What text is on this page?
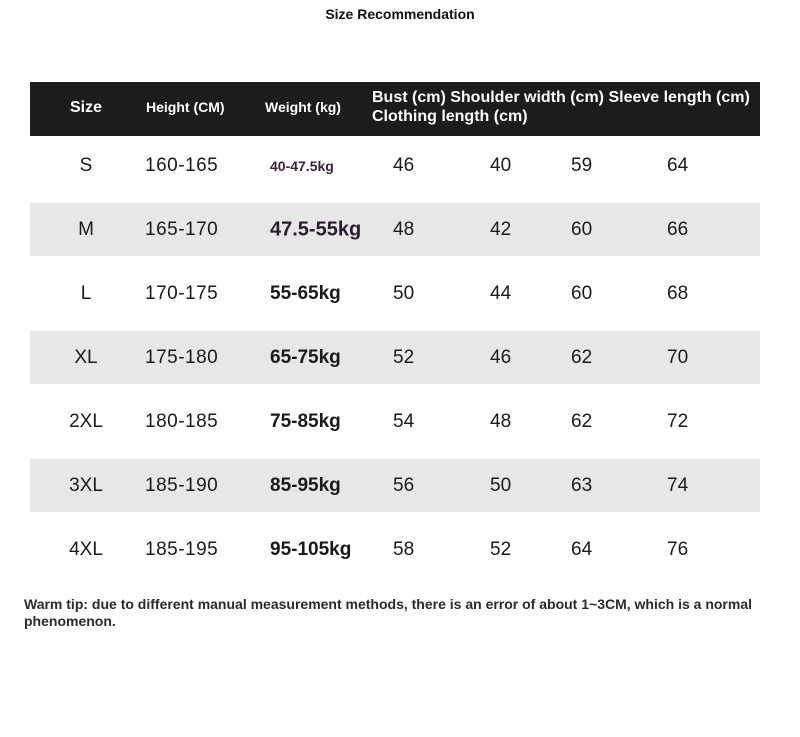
Size Recommendation
Size	Height (CM)	Weight (kg)
Bust (cm) Shoulder width (cm) Sleeve length (cm)
Clothing length (cm)
S	160-165	40-47.5kg	46	40	59	64
M	165-170	47.5-55kg 48	42	60	66
L	170-175	55-65kg	50	44	60	68
XL 175-180	65-75kg	52	46	62	70
2XL 180-185	75-85kg	54	48	62	72
3XL 185-190	85-95kg	56	50	63	74
4XL 185-195	95-105kg 58	52	64	76
Warm tip: due to different manual measurement methods, there is an error of about 1~3CM, which is a normal phenomenon.
